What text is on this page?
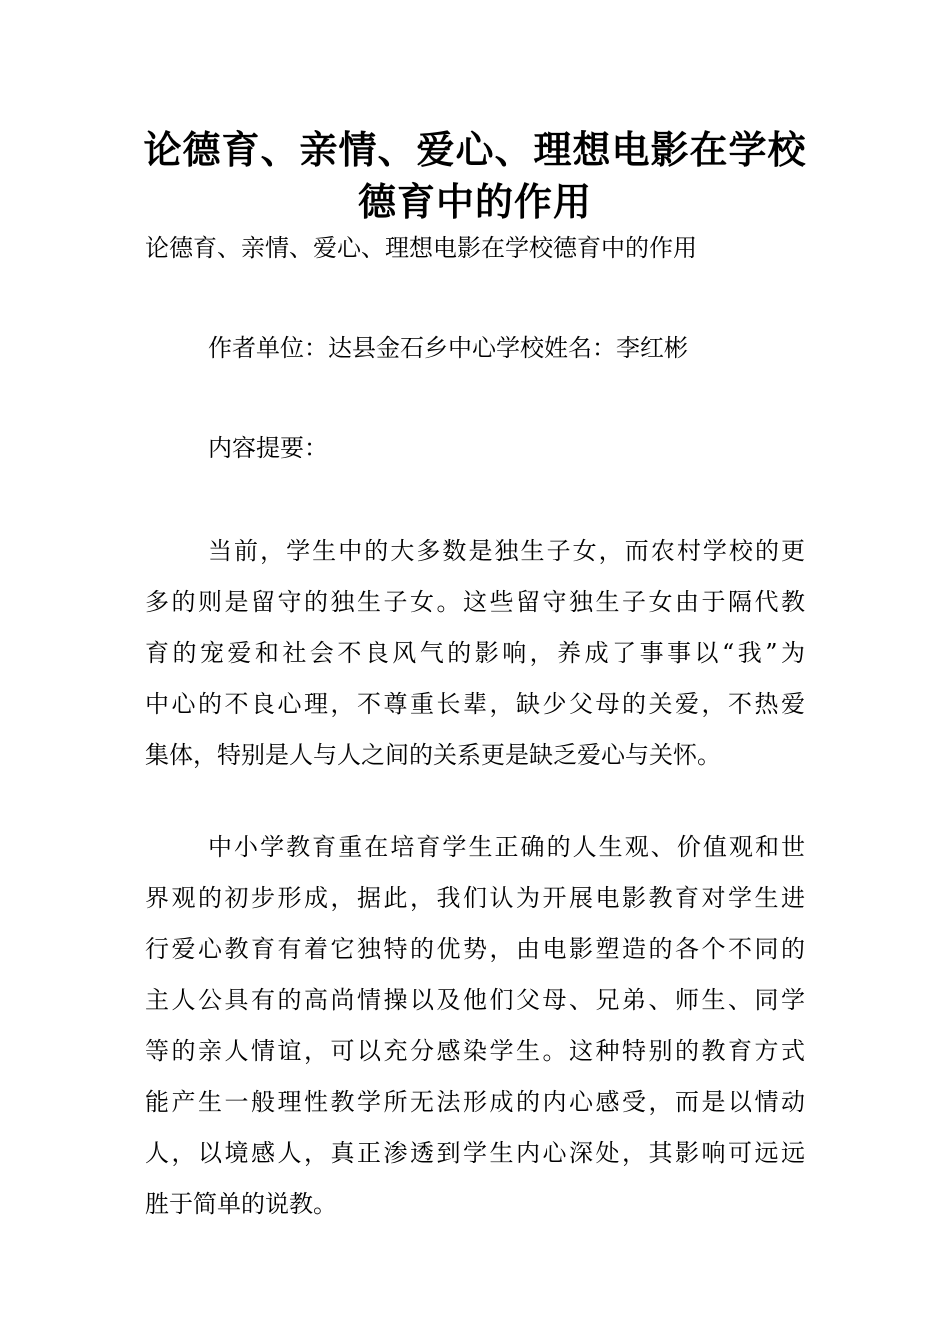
论德育、亲情、爱心、理想电影在学校
德育中的作用
论德育、亲情、爱心、理想电影在学校德育中的作用
作者单位：达县金石乡中心学校姓名：李红彬
内容提要：
当前，学生中的大多数是独生子女，而农村学校的更
多的则是留守的独生子女。这些留守独生子女由于隔代教
育的宠爱和社会不良风气的影响，养成了事事以“我”为
中心的不良心理，不尊重长辈，缺少父母的关爱，不热爱
集体，特别是人与人之间的关系更是缺乏爱心与关怀。
中小学教育重在培育学生正确的人生观、价值观和世
界观的初步形成，据此，我们认为开展电影教育对学生进
行爱心教育有着它独特的优势，由电影塑造的各个不同的
主人公具有的高尚情操以及他们父母、兄弟、师生、同学
等的亲人情谊，可以充分感染学生。这种特别的教育方式
能产生一般理性教学所无法形成的内心感受，而是以情动
人，以境感人，真正渗透到学生内心深处，其影响可远远
胜于简单的说教。
